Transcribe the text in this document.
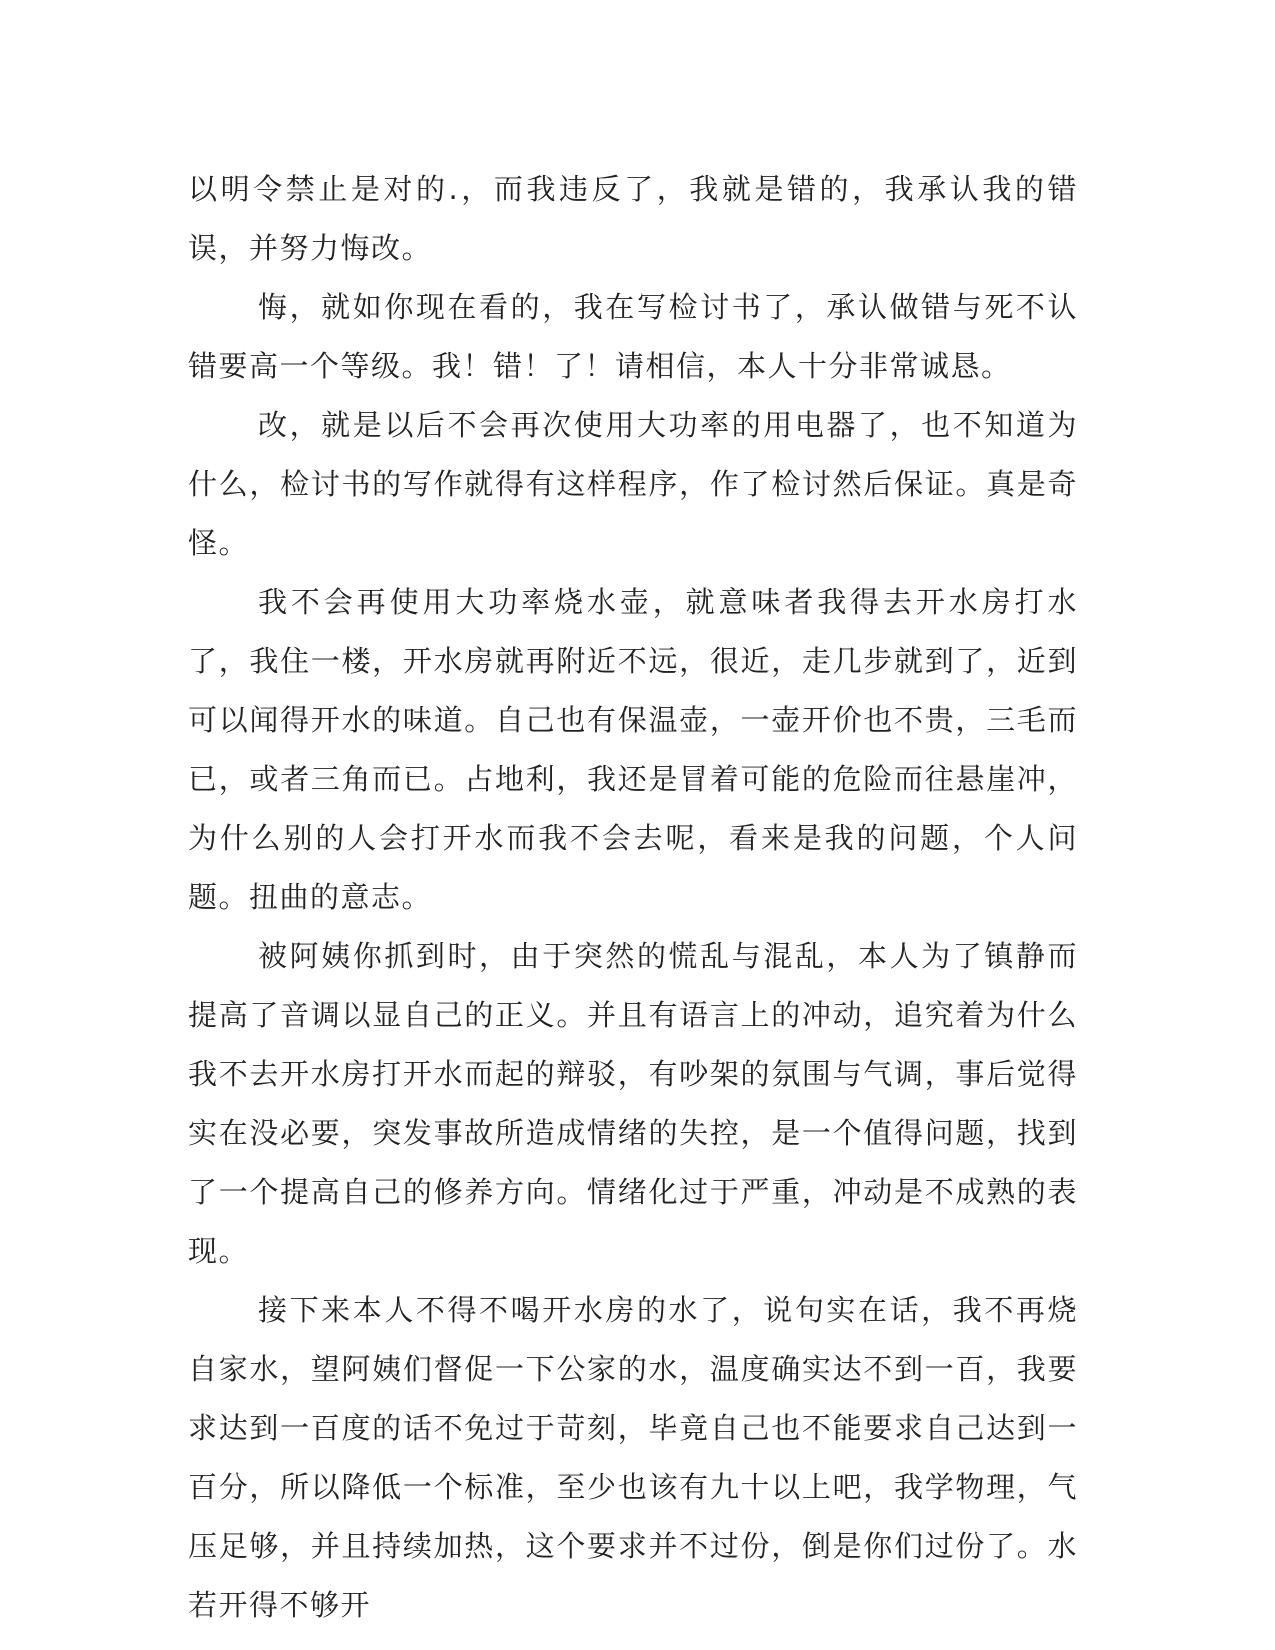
以明令禁止是对的.，而我违反了，我就是错的，我承认我的错误，并努力悔改。

悔，就如你现在看的，我在写检讨书了，承认做错与死不认错要高一个等级。我！错！了！请相信，本人十分非常诚恳。

改，就是以后不会再次使用大功率的用电器了，也不知道为什么，检讨书的写作就得有这样程序，作了检讨然后保证。真是奇怪。

我不会再使用大功率烧水壶，就意味者我得去开水房打水了，我住一楼，开水房就再附近不远，很近，走几步就到了，近到可以闻得开水的味道。自己也有保温壶，一壶开价也不贵，三毛而已，或者三角而已。占地利，我还是冒着可能的危险而往悬崖冲，为什么别的人会打开水而我不会去呢，看来是我的问题，个人问题。扭曲的意志。

被阿姨你抓到时，由于突然的慌乱与混乱，本人为了镇静而提高了音调以显自己的正义。并且有语言上的冲动，追究着为什么我不去开水房打开水而起的辩驳，有吵架的氛围与气调，事后觉得实在没必要，突发事故所造成情绪的失控，是一个值得问题，找到了一个提高自己的修养方向。情绪化过于严重，冲动是不成熟的表现。

接下来本人不得不喝开水房的水了，说句实在话，我不再烧自家水，望阿姨们督促一下公家的水，温度确实达不到一百，我要求达到一百度的话不免过于苛刻，毕竟自己也不能要求自己达到一百分，所以降低一个标准，至少也该有九十以上吧，我学物理，气压足够，并且持续加热，这个要求并不过份，倒是你们过份了。水若开得不够开
